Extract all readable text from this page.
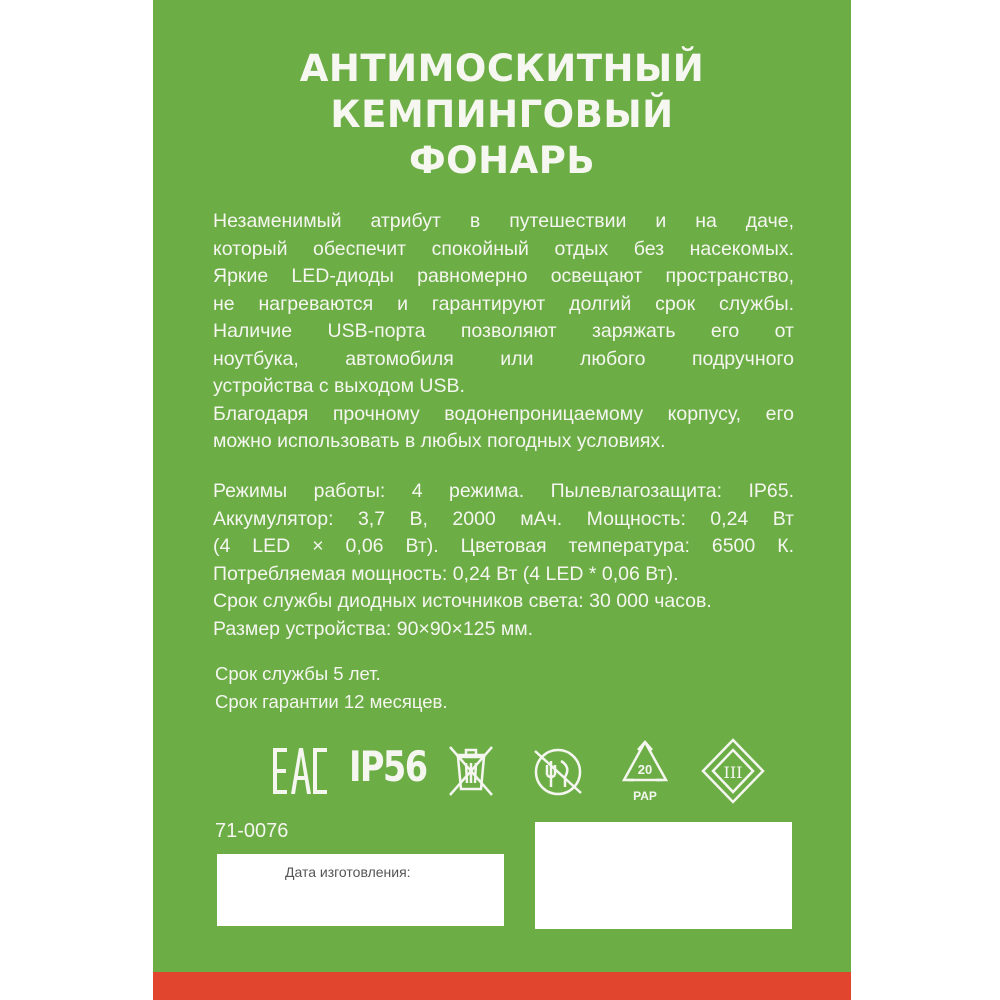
АНТИМОСКИТНЫЙ
КЕМПИНГОВЫЙ
ФОНАРЬ
Незаменимый атрибут в путешествии и на даче,
который обеспечит спокойный отдых без насекомых.
Яркие LED-диоды равномерно освещают пространство,
не нагреваются и гарантируют долгий срок службы.
Наличие USB-порта позволяют заряжать его от
ноутбука, автомобиля или любого подручного
устройства с выходом USB.
Благодаря прочному водонепроницаемому корпусу, его
можно использовать в любых погодных условиях.
Режимы работы: 4 режима. Пылевлагозащита: IP65.
Аккумулятор: 3,7 В, 2000 мАч. Мощность: 0,24 Вт
(4 LED × 0,06 Вт). Цветовая температура: 6500 К.
Потребляемая мощность: 0,24 Вт (4 LED * 0,06 Вт).
Срок службы диодных источников света: 30 000 часов.
Размер устройства: 90×90×125 мм.
Срок службы 5 лет.
Срок гарантии 12 месяцев.
IP56	20
PAP
III
71-0076
Дата изготовления:
